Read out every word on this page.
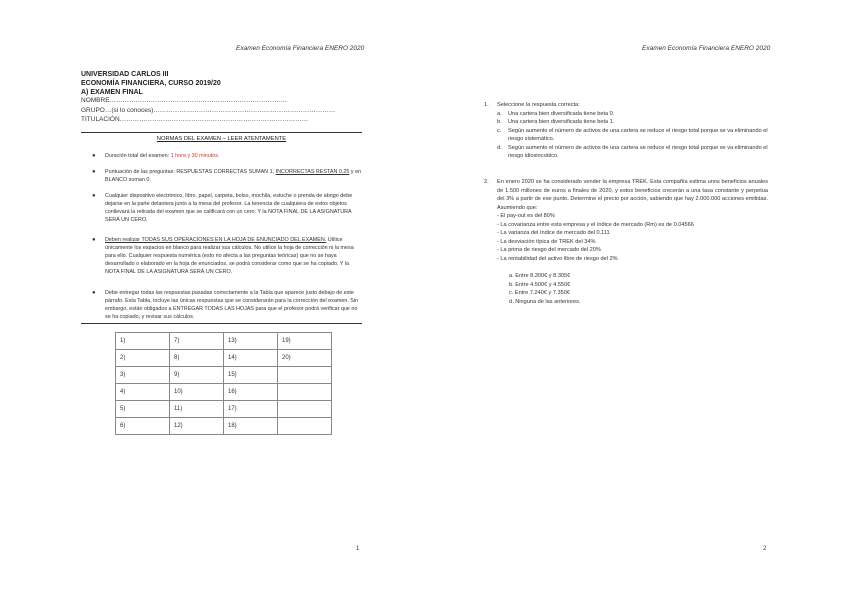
Examen Economía Financiera ENERO 2020
UNIVERSIDAD CARLOS III
ECONOMÍA FINANCIERA, CURSO 2019/20
A) EXAMEN FINAL
NOMBRE……………………………………………………………………….
GRUPO…(si lo conoces)…………………………………………………………………………
TITULACIÓN……………………………………………………………………………
NORMAS DEL EXAMEN – LEER ATENTAMENTE
● Duración total del examen: 1 hora y 30 minutos.
● Puntuación de las preguntas: RESPUESTAS CORRECTAS SUMAN 1, INCORRECTAS RESTAN 0.25 y en BLANCO suman 0.
● Cualquier dispositivo electrónico, libro, papel, carpeta, bolso, mochila, estuche o prenda de abrigo debe dejarse en la parte delantera junto a la mesa del profesor. La tenencia de cualquiera de estos objetos conllevará la retirada del examen que se calificará con un cero. Y la NOTA FINAL DE LA ASIGNATURA SERÁ UN CERO.
● Deben realizar TODAS SUS OPERACIONES EN LA HOJA DE ENUNCIADO DEL EXAMEN. Utilice únicamente los espacios en blanco para realizar sus cálculos. No utilice la hoja de corrección ni la mesa para ello. Cualquier respuesta numérica (esto no afecta a las preguntas teóricas) que no se haya desarrollado o elaborado en la hoja de enunciados, se podrá considerar como que se ha copiado. Y la NOTA FINAL DE LA ASIGNATURA SERÁ UN CERO.
● Debe entregar todas las respuestas pasadas correctamente a la Tabla que aparece justo debajo de este párrafo. Esta Tabla, incluye las únicas respuestas que se considerarán para la corrección del examen. Sin embargo, están obligados a ENTREGAR TODAS LAS HOJAS para que el profesor podrá verificar que no se ha copiado, y revisar sus cálculos.
1)	7)	13)	19)
2)	8)	14)	20)
3)	9)	15)	
4)	10)	16)	
5)	11)	17)	
6)	12)	18)	
1
Examen Economía Financiera ENERO 2020
2
1. Seleccione la respuesta correcta:
a. Una cartera bien diversificada tiene beta 0.
b. Una cartera bien diversificada tiene beta 1.
c. Según aumento el número de activos de una cartera se reduce el riesgo total porque se va eliminando el riesgo sistemático.
d. Según aumento el número de activos de una cartera se reduce el riesgo total porque se va eliminando el riesgo idiosincrático.
2. En enero 2020 se ha considerado vender la empresa TREK. Esta compañía estima unos beneficios anuales de 1.500 millones de euros a finales de 2020, y estos beneficios crecerán a una tasa constante y perpetua del 3% a partir de ese punto. Determine el precio por acción, sabiendo que hay 2.000.000 acciones emitidas. Asumiendo que:
- El pay-out es del 80%
- La covarianza entre esta empresa y el índice de mercado (Rm) es de 0.04566
- La varianza del índice de mercado del 0.111
- La desviación típica de TREK del 34%
- La prima de riesgo del mercado del 20%
- La rentabilidad del activo libre de riesgo del 2%
a. Entre 8.300€ y 8.305€
b. Entre 4.500€ y 4.550€
c. Entre 7.240€ y 7.350€
d. Ninguna de las anteriores.
